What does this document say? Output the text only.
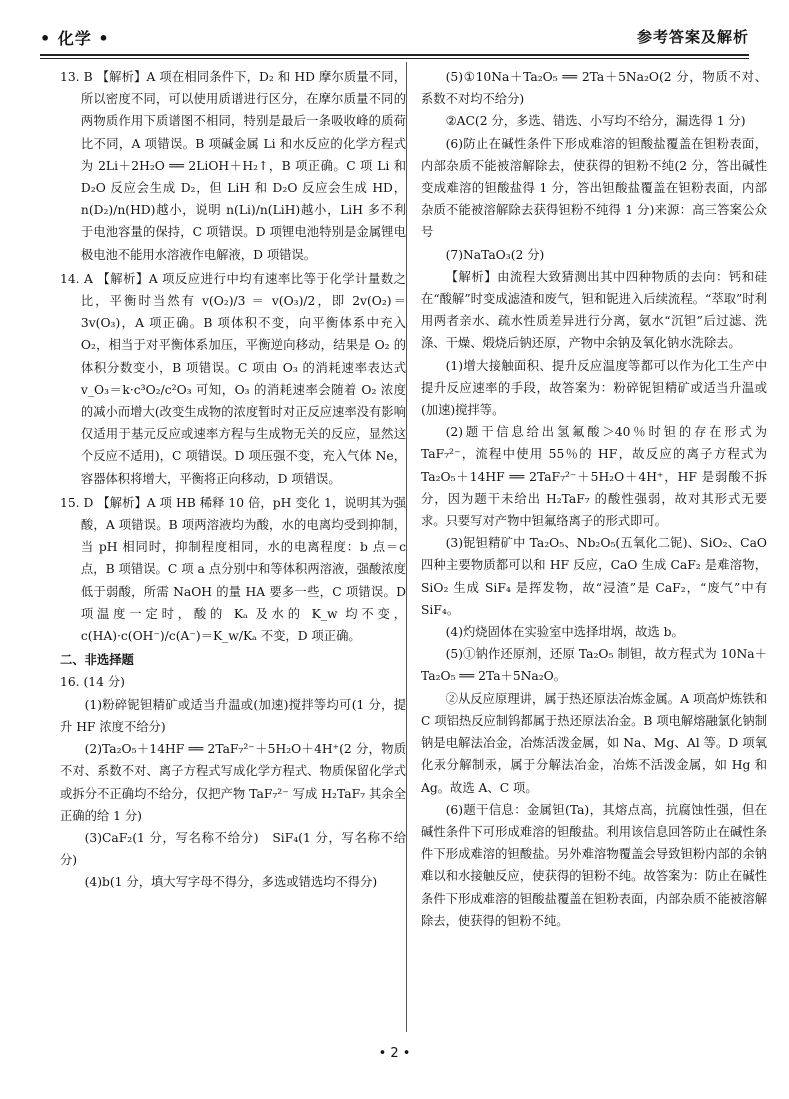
• 化学 •	参考答案及解析

13. B 【解析】A 项在相同条件下，D₂ 和 HD 摩尔质量不同，所以密度不同，可以使用质谱进行区分，在摩尔质量不同的两物质作用下质谱图不相同，特别是最后一条吸收峰的质荷比不同，A 项错误。B 项碱金属 Li 和水反应的化学方程式为 2Li＋2H₂O ══ 2LiOH＋H₂↑，B 项正确。C 项 Li 和 D₂O 反应会生成 D₂，但 LiH 和 D₂O 反应会生成 HD，n(D₂)/n(HD)越小，说明 n(Li)/n(LiH)越小，LiH 多不利于电池容量的保持，C 项错误。D 项锂电池特别是金属锂电极电池不能用水溶液作电解液，D 项错误。

14. A 【解析】A 项反应进行中均有速率比等于化学计量数之比，平衡时当然有 v(O₂)/3 ＝ v(O₃)/2，即 2v(O₂)＝3v(O₃)，A 项正确。B 项体积不变，向平衡体系中充入 O₂，相当于对平衡体系加压，平衡逆向移动，结果是 O₂ 的体积分数变小，B 项错误。C 项由 O₃ 的消耗速率表达式 v_O₃＝k·c³O₂/c²O₃ 可知，O₃ 的消耗速率会随着 O₂ 浓度的减小而增大(改变生成物的浓度暂时对正反应速率没有影响仅适用于基元反应或速率方程与生成物无关的反应，显然这个反应不适用)，C 项错误。D 项压强不变，充入气体 Ne，容器体积将增大，平衡将正向移动，D 项错误。

15. D 【解析】A 项 HB 稀释 10 倍，pH 变化 1，说明其为强酸，A 项错误。B 项两溶液均为酸，水的电离均受到抑制，当 pH 相同时，抑制程度相同，水的电离程度：b 点＝c 点，B 项错误。C 项 a 点分别中和等体积两溶液，强酸浓度低于弱酸，所需 NaOH 的量 HA 要多一些，C 项错误。D 项温度一定时，酸的 Kₐ 及水的 K_w 均不变，c(HA)·c(OH⁻)/c(A⁻)＝K_w/Kₐ 不变，D 项正确。

二、非选择题

16. (14 分)

(1)粉碎铌钽精矿或适当升温或(加速)搅拌等均可(1 分，提升 HF 浓度不给分)

(2)Ta₂O₅＋14HF ══ 2TaF₇²⁻＋5H₂O＋4H⁺(2 分，物质不对、系数不对、离子方程式写成化学方程式、物质保留化学式或拆分不正确均不给分，仅把产物 TaF₇²⁻ 写成 H₂TaF₇ 其余全正确的给 1 分)

(3)CaF₂(1 分，写名称不给分)　SiF₄(1 分，写名称不给分)

(4)b(1 分，填大写字母不得分，多选或错选均不得分)

(5)①10Na＋Ta₂O₅ ══ 2Ta＋5Na₂O(2 分，物质不对、系数不对均不给分)

②AC(2 分，多选、错选、小写均不给分，漏选得 1 分)

(6)防止在碱性条件下形成难溶的钽酸盐覆盖在钽粉表面，内部杂质不能被溶解除去，使获得的钽粉不纯(2 分，答出碱性变成难溶的钽酸盐得 1 分，答出钽酸盐覆盖在钽粉表面，内部杂质不能被溶解除去获得钽粉不纯得 1 分)来源：高三答案公众号

(7)NaTaO₃(2 分)

【解析】由流程大致猜测出其中四种物质的去向：钙和硅在“酸解”时变成滤渣和废气，钽和铌进入后续流程。“萃取”时利用两者亲水、疏水性质差异进行分离，氨水“沉钽”后过滤、洗涤、干燥、煅烧后钠还原，产物中余钠及氧化钠水洗除去。

(1)增大接触面积、提升反应温度等都可以作为化工生产中提升反应速率的手段，故答案为：粉碎铌钽精矿或适当升温或(加速)搅拌等。

(2)题干信息给出氢氟酸＞40％时钽的存在形式为 TaF₇²⁻，流程中使用 55％的 HF，故反应的离子方程式为 Ta₂O₅＋14HF ══ 2TaF₇²⁻＋5H₂O＋4H⁺，HF 是弱酸不拆分，因为题干未给出 H₂TaF₇ 的酸性强弱，故对其形式无要求。只要写对产物中钽氟络离子的形式即可。

(3)铌钽精矿中 Ta₂O₅、Nb₂O₅(五氧化二铌)、SiO₂、CaO 四种主要物质都可以和 HF 反应，CaO 生成 CaF₂ 是难溶物，SiO₂ 生成 SiF₄ 是挥发物，故“浸渣”是 CaF₂，“废气”中有 SiF₄。

(4)灼烧固体在实验室中选择坩埚，故选 b。

(5)①钠作还原剂，还原 Ta₂O₅ 制钽，故方程式为 10Na＋Ta₂O₅ ══ 2Ta＋5Na₂O。

②从反应原理讲，属于热还原法冶炼金属。A 项高炉炼铁和 C 项铝热反应制钨都属于热还原法冶金。B 项电解熔融氯化钠制钠是电解法冶金，冶炼活泼金属，如 Na、Mg、Al 等。D 项氧化汞分解制汞，属于分解法冶金，冶炼不活泼金属，如 Hg 和 Ag。故选 A、C 项。

(6)题干信息：金属钽(Ta)，其熔点高，抗腐蚀性强，但在碱性条件下可形成难溶的钽酸盐。利用该信息回答防止在碱性条件下形成难溶的钽酸盐。另外难溶物覆盖会导致钽粉内部的余钠难以和水接触反应，使获得的钽粉不纯。故答案为：防止在碱性条件下形成难溶的钽酸盐覆盖在钽粉表面，内部杂质不能被溶解除去，使获得的钽粉不纯。

• 2 •
